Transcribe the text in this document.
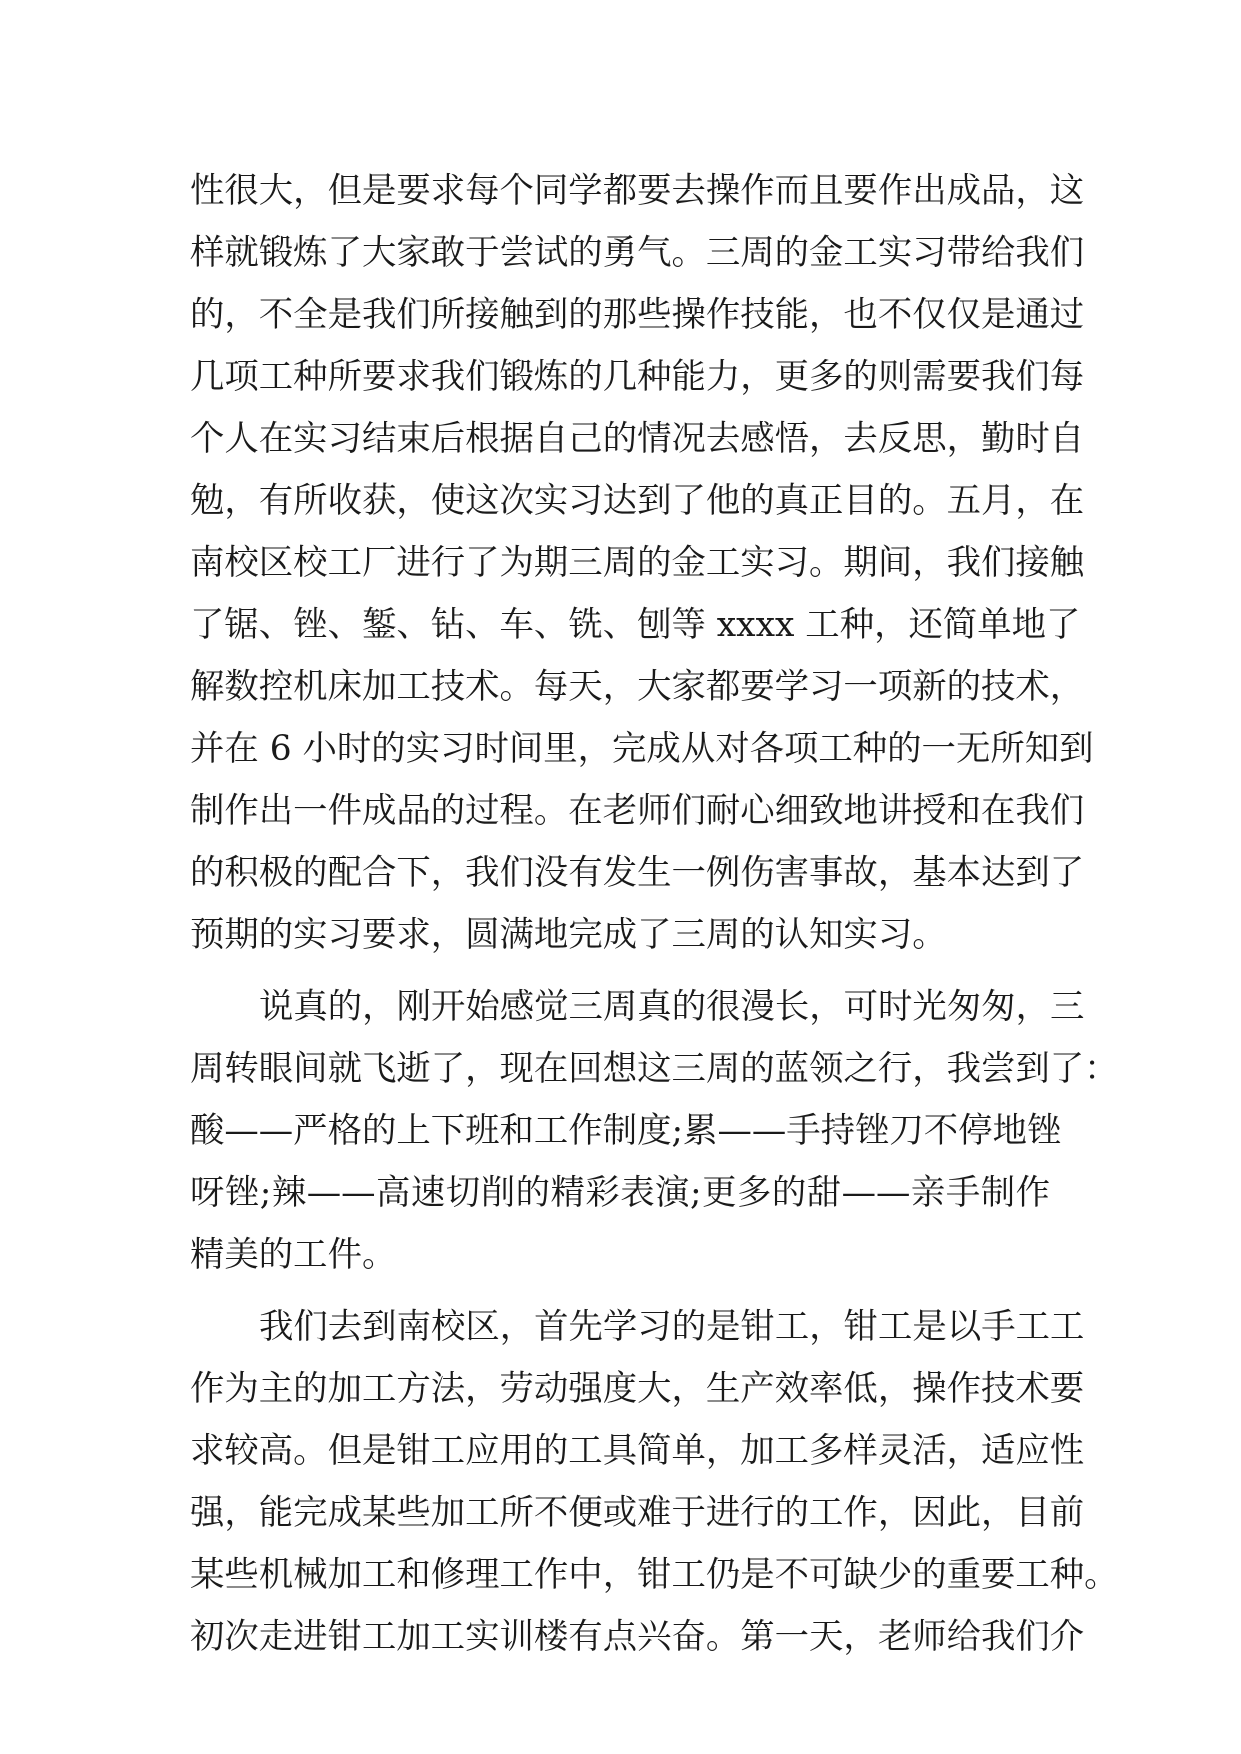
性很大，但是要求每个同学都要去操作而且要作出成品，这
样就锻炼了大家敢于尝试的勇气。三周的金工实习带给我们
的，不全是我们所接触到的那些操作技能，也不仅仅是通过
几项工种所要求我们锻炼的几种能力，更多的则需要我们每
个人在实习结束后根据自己的情况去感悟，去反思，勤时自
勉，有所收获，使这次实习达到了他的真正目的。五月，在
南校区校工厂进行了为期三周的金工实习。期间，我们接触
了锯、锉、錾、钻、车、铣、刨等 xxxx 工种，还简单地了
解数控机床加工技术。每天，大家都要学习一项新的技术，
并在 6 小时的实习时间里，完成从对各项工种的一无所知到
制作出一件成品的过程。在老师们耐心细致地讲授和在我们
的积极的配合下，我们没有发生一例伤害事故，基本达到了
预期的实习要求，圆满地完成了三周的认知实习。
说真的，刚开始感觉三周真的很漫长，可时光匆匆，三
周转眼间就飞逝了，现在回想这三周的蓝领之行，我尝到了：
酸——严格的上下班和工作制度;累——手持锉刀不停地锉
呀锉;辣——高速切削的精彩表演;更多的甜——亲手制作
精美的工件。
我们去到南校区，首先学习的是钳工，钳工是以手工工
作为主的加工方法，劳动强度大，生产效率低，操作技术要
求较高。但是钳工应用的工具简单，加工多样灵活，适应性
强，能完成某些加工所不便或难于进行的工作，因此，目前
某些机械加工和修理工作中，钳工仍是不可缺少的重要工种。
初次走进钳工加工实训楼有点兴奋。第一天，老师给我们介
